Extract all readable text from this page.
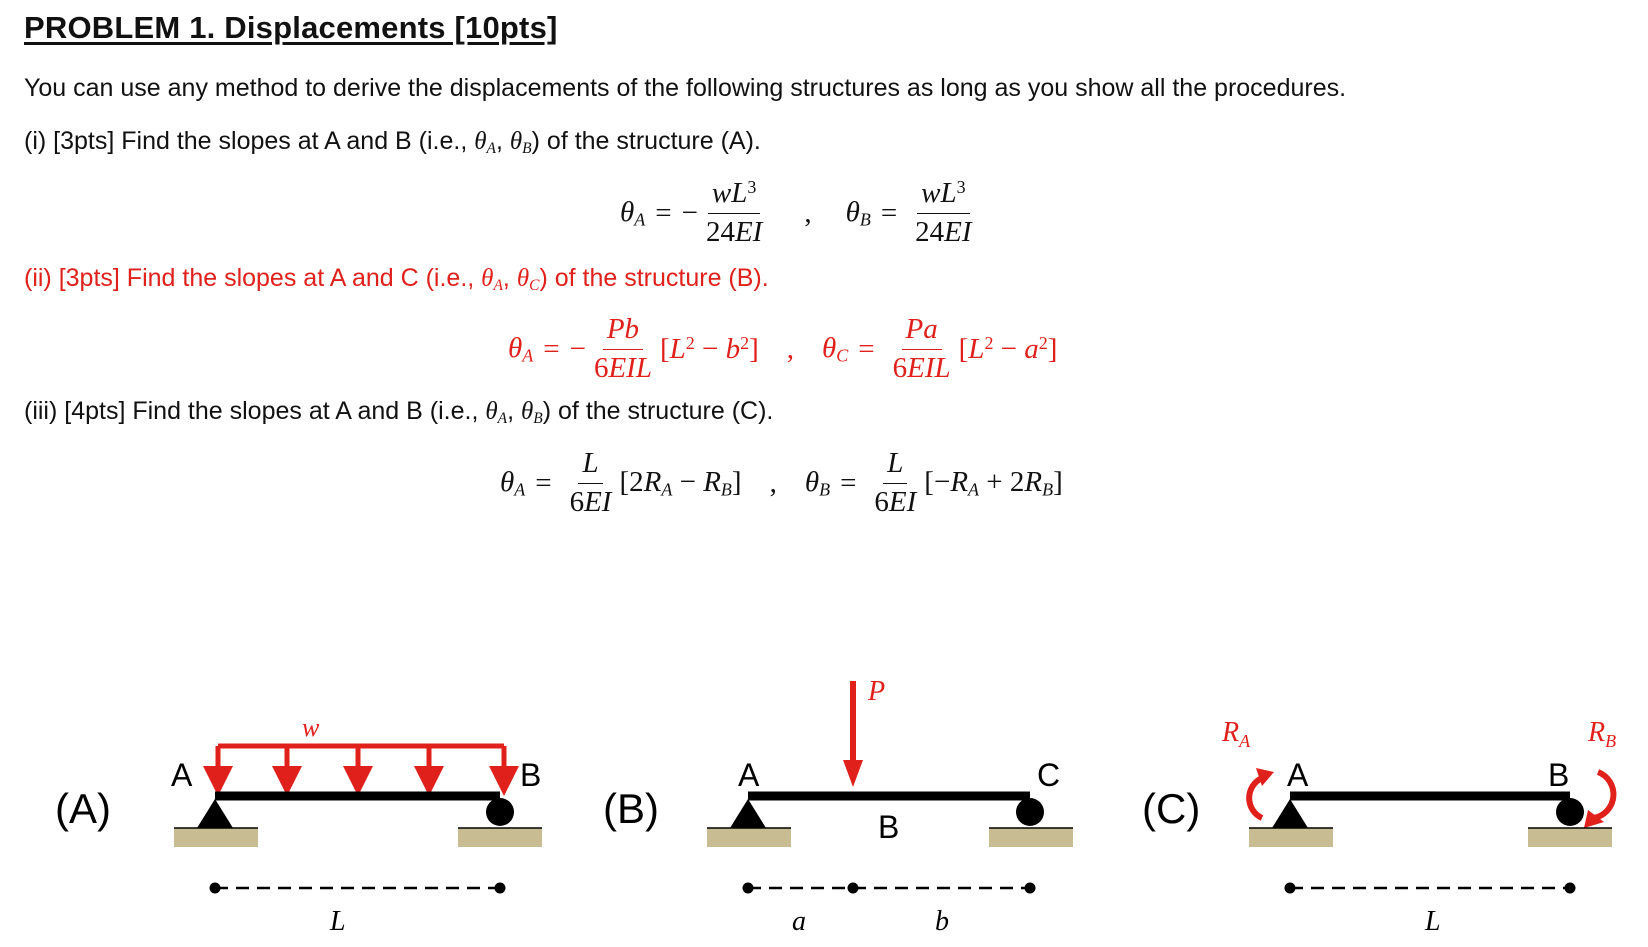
PROBLEM 1. Displacements [10pts]
You can use any method to derive the displacements of the following structures as long as you show all the procedures.
(i) [3pts] Find the slopes at A and B (i.e., $\theta_A$, $\theta_B$) of the structure (A).
$\theta_A$ = − $\frac{wL^3}{24EI}$ , $\theta_B = \frac{wL^3}{24EI}$
(ii) [3pts] Find the slopes at A and C (i.e., $\theta_A$, $\theta_C$) of the structure (B).
$\theta_A$ = − $\frac{Pb}{\text{6EIL}} [L^2 - b^2]$ , $\theta_C = \frac{Pa}{\text{6EIL}} [L^2 - a^2]$
(iii) [4pts] Find the slopes at A and B (i.e., $\theta_A$, $\theta_B$) of the structure (C).
$\theta_A = \frac{L}{6EI} [2R_A - R_B]$ , $\theta_B = \frac{L}{6EI} [-R_A + 2R_B]$
(A)
A	B
w
L
(B)
A
B
C
P
a	b
(C)
A	B
$R_A$	$R_B$
L
